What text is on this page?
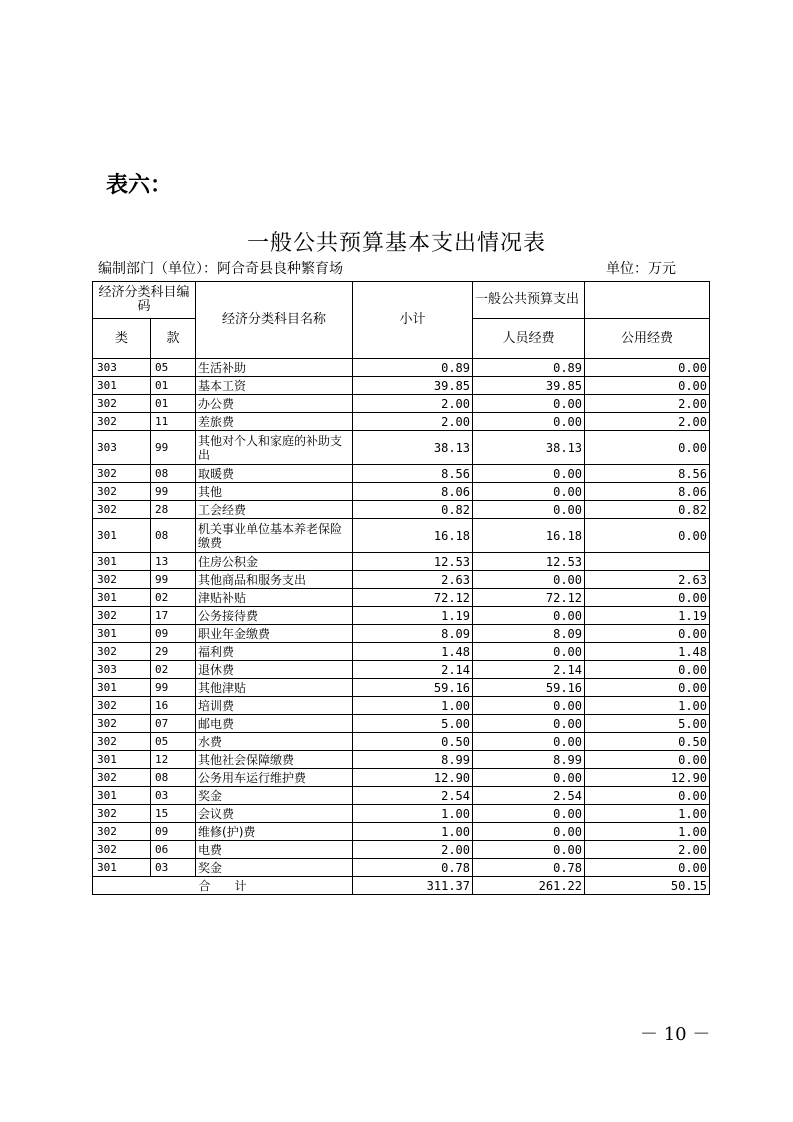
表六：
一般公共预算基本支出情况表
编制部门（单位）：阿合奇县良种繁育场	单位：万元
经济分类科目编码		经济分类科目名称	小计	一般公共预算支出	
类	款			人员经费	公用经费
303	05	生活补助	0.89	0.89	0.00
301	01	基本工资	39.85	39.85	0.00
302	01	办公费	2.00	0.00	2.00
302	11	差旅费	2.00	0.00	2.00
303	99	其他对个人和家庭的补助支出	38.13	38.13	0.00
302	08	取暖费	8.56	0.00	8.56
302	99	其他	8.06	0.00	8.06
302	28	工会经费	0.82	0.00	0.82
301	08	机关事业单位基本养老保险缴费	16.18	16.18	0.00
301	13	住房公积金	12.53	12.53	
302	99	其他商品和服务支出	2.63	0.00	2.63
301	02	津贴补贴	72.12	72.12	0.00
302	17	公务接待费	1.19	0.00	1.19
301	09	职业年金缴费	8.09	8.09	0.00
302	29	福利费	1.48	0.00	1.48
303	02	退休费	2.14	2.14	0.00
301	99	其他津贴	59.16	59.16	0.00
302	16	培训费	1.00	0.00	1.00
302	07	邮电费	5.00	0.00	5.00
302	05	水费	0.50	0.00	0.50
301	12	其他社会保障缴费	8.99	8.99	0.00
302	08	公务用车运行维护费	12.90	0.00	12.90
301	03	奖金	2.54	2.54	0.00
302	15	会议费	1.00	0.00	1.00
302	09	维修(护)费	1.00	0.00	1.00
302	06	电费	2.00	0.00	2.00
301	03	奖金	0.78	0.78	0.00
合　　计			311.37	261.22	50.15
－ 10 －
